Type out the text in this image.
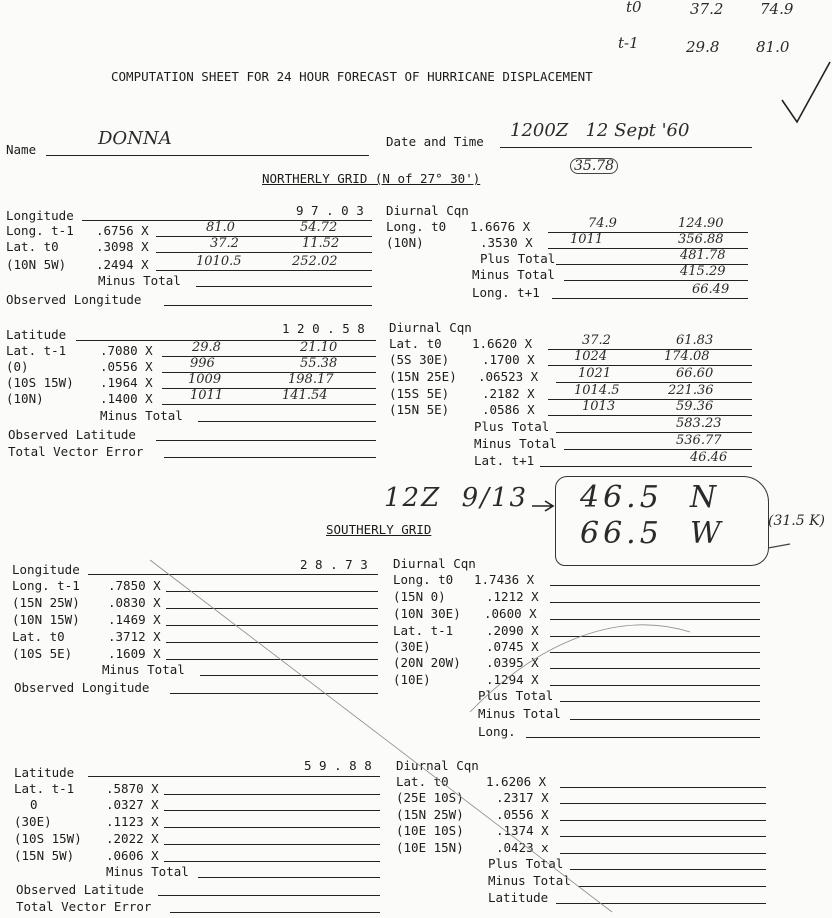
t0	37.2 74.9
t-1	29.8 81.0
COMPUTATION SHEET FOR 24 HOUR FORECAST OF HURRICANE DISPLACEMENT
Name
DONNA	Date and Time
1200Z   12 Sept '60
35.78
NORTHERLY GRID (N of 27° 30')
Longitude	9 7 . 0 3
Long. t-1 .6756 X	81.0	54.72
Lat. t0	.3098 X	37.2	11.52
(10N 5W) .2494 X	1010.5	252.02
Minus Total
Observed Longitude
Diurnal Cqn
Long. t0 1.6676 X	74.9	124.90
(10N)	.3530 X	1011	356.88
Plus Total	481.78
Minus Total	415.29
Long. t+1	66.49
Latitude	1 2 0 . 5 8
Lat. t-1	.7080 X	29.8	21.10
(0)	.0556 X	996	55.38
(10S 15W) .1964 X	1009	198.17
(10N)	.1400 X	1011	141.54
Minus Total
Observed Latitude
Total Vector Error
Diurnal Cqn
Lat. t0 1.6620 X	37.2	61.83
(5S 30E)	.1700 X	1024	174.08
(15N 25E) .06523 X	1021	66.60
(15S 5E)	.2182 X	1014.5	221.36
(15N 5E)	.0586 X	1013	59.36
Plus Total	583.23
Minus Total	536.77
Lat. t+1	46.46
12Z  9/13 46.5  N
66.5  W	(31.5 K)
SOUTHERLY GRID
Longitude	2 8 . 7 3
Long. t-1 .7850 X
(15N 25W) .0830 X
(10N 15W) .1469 X
Lat. t0	.3712 X
(10S 5E)	.1609 X
Minus Total
Observed Longitude
Diurnal Cqn
Long. t0 1.7436 X
(15N 0)	.1212 X
(10N 30E) .0600 X
Lat. t-1	.2090 X
(30E)	.0745 X
(20N 20W) .0395 X
(10E)	.1294 X
Plus Total
Minus Total
Long.
Latitude	5 9 . 8 8
Lat. t-1	.5870 X
0	.0327 X
(30E)	.1123 X
(10S 15W) .2022 X
(15N 5W)	.0606 X
Minus Total
Observed Latitude
Total Vector Error
Diurnal Cqn
Lat. t0	1.6206 X
(25E 10S)	.2317 X
(15N 25W)	.0556 X
(10E 10S)	.1374 X
(10E 15N)	.0423 x
Plus Total
Minus Total
Latitude
